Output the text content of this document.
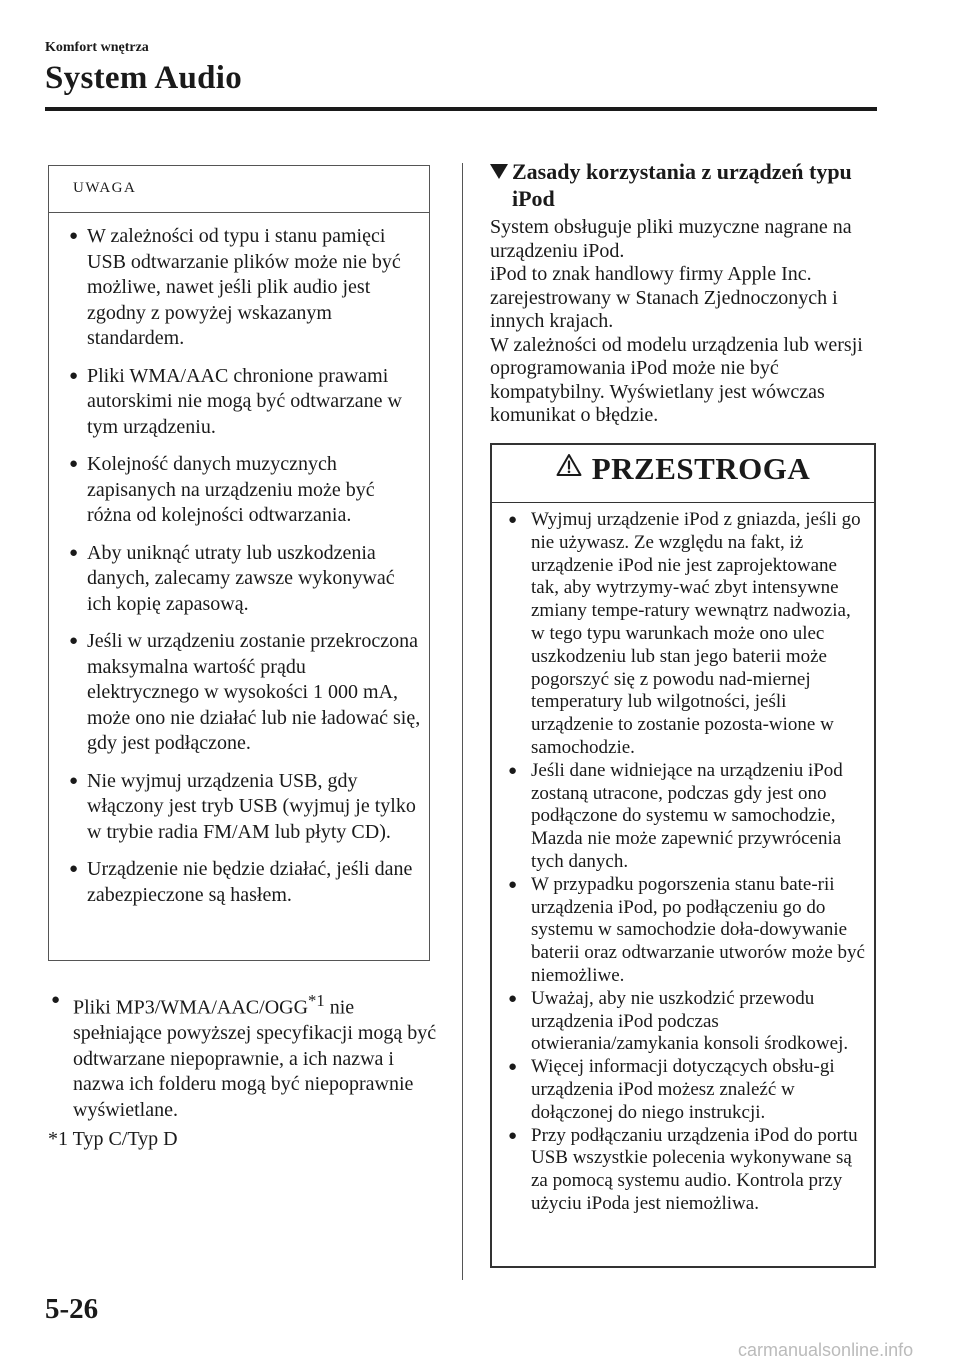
Komfort wnętrza
System Audio
UWAGA
● W zależności od typu i stanu pamięci USB odtwarzanie plików może nie być możliwe, nawet jeśli plik audio jest zgodny z powyżej wskazanym standardem.
● Pliki WMA/AAC chronione prawami autorskimi nie mogą być odtwarzane w tym urządzeniu.
● Kolejność danych muzycznych zapisanych na urządzeniu może być różna od kolejności odtwarzania.
● Aby uniknąć utraty lub uszkodzenia danych, zalecamy zawsze wykonywać ich kopię zapasową.
● Jeśli w urządzeniu zostanie przekroczona maksymalna wartość prądu elektrycznego w wysokości 1 000 mA, może ono nie działać lub nie ładować się, gdy jest podłączone.
● Nie wyjmuj urządzenia USB, gdy włączony jest tryb USB (wyjmuj je tylko w trybie radia FM/AM lub płyty CD).
● Urządzenie nie będzie działać, jeśli dane zabezpieczone są hasłem.
● Pliki MP3/WMA/AAC/OGG$^{*1}$ nie spełniające powyższej specyfikacji mogą być odtwarzane niepoprawnie, a ich nazwa i nazwa ich folderu mogą być niepoprawnie wyświetlane.
*1 Typ C/Typ D
Zasady korzystania z urządzeń typu iPod

System obsługuje pliki muzyczne nagrane na urządzeniu iPod.

iPod to znak handlowy firmy Apple Inc. zarejestrowany w Stanach Zjednoczonych i innych krajach.

W zależności od modelu urządzenia lub wersji oprogramowania iPod może nie być kompatybilny. Wyświetlany jest wówczas komunikat o błędzie.

PRZESTROGA
● Wyjmuj urządzenie iPod z gniazda, jeśli go nie używasz. Ze względu na fakt, iż urządzenie iPod nie jest zaprojektowane tak, aby wytrzymy-wać zbyt intensywne zmiany tempe-ratury wewnątrz nadwozia, w tego typu warunkach może ono ulec uszkodzeniu lub stan jego baterii może pogorszyć się z powodu nad-miernej temperatury lub wilgotności, jeśli urządzenie to zostanie pozosta-wione w samochodzie.
● Jeśli dane widniejące na urządzeniu iPod zostaną utracone, podczas gdy jest ono podłączone do systemu w samochodzie, Mazda nie może zapewnić przywrócenia tych danych.
● W przypadku pogorszenia stanu bate-rii urządzenia iPod, po podłączeniu go do systemu w samochodzie doła-dowywanie baterii oraz odtwarzanie utworów może być niemożliwe.
● Uważaj, aby nie uszkodzić przewodu urządzenia iPod podczas otwierania/zamykania konsoli środkowej.
● Więcej informacji dotyczących obsłu-gi urządzenia iPod możesz znaleźć w dołączonej do niego instrukcji.
● Przy podłączaniu urządzenia iPod do portu USB wszystkie polecenia wykonywane są za pomocą systemu audio. Kontrola przy użyciu iPoda jest niemożliwa.
5-26
carmanualsonline.info
